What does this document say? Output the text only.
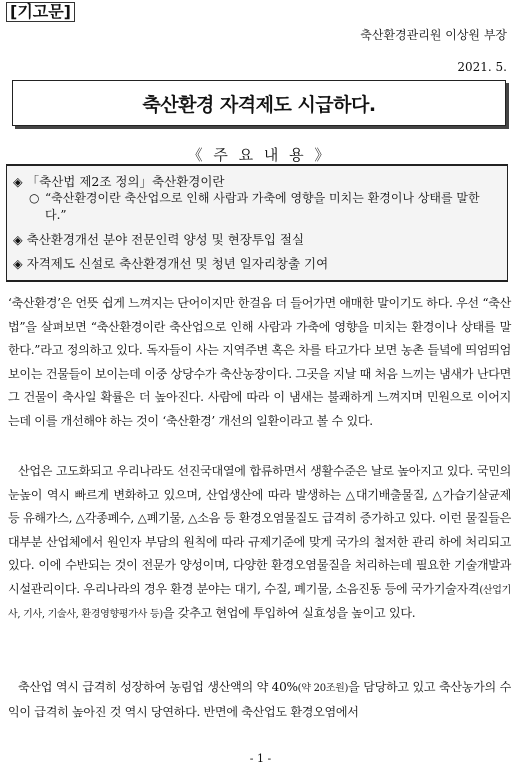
[기고문]
축산환경관리원 이상원 부장
2021. 5.
축산환경 자격제도 시급하다.
《 주 요 내 용 》
◈ 「축산법 제2조 정의」축산환경이란
○ “축산환경이란 축산업으로 인해 사람과 가축에 영향을 미치는 환경이나 상태를 말한다.”
◈ 축산환경개선 분야 전문인력 양성 및 현장투입 절실
◈ 자격제도 신설로 축산환경개선 및 청년 일자리창출 기여
‘축산환경’은 언뜻 쉽게 느껴지는 단어이지만 한걸음 더 들어가면 애매한 말이기도 하다. 우선 “축산법”을 살펴보면 “축산환경이란 축산업으로 인해 사람과 가축에 영향을 미치는 환경이나 상태를 말한다.”라고 정의하고 있다. 독자들이 사는 지역주변 혹은 차를 타고가다 보면 농촌 들녘에 띄엄띄엄 보이는 건물들이 보이는데 이중 상당수가 축산농장이다. 그곳을 지날 때 처음 느끼는 냄새가 난다면 그 건물이 축사일 확률은 더 높아진다. 사람에 따라 이 냄새는 불쾌하게 느껴지며 민원으로 이어지는데 이를 개선해야 하는 것이 ‘축산환경’ 개선의 일환이라고 볼 수 있다.
산업은 고도화되고 우리나라도 선진국대열에 합류하면서 생활수준은 날로 높아지고 있다. 국민의 눈높이 역시 빠르게 변화하고 있으며, 산업생산에 따라 발생하는 △대기배출물질, △가습기살균제 등 유해가스, △각종폐수, △폐기물, △소음 등 환경오염물질도 급격히 증가하고 있다. 이런 물질들은 대부분 산업체에서 원인자 부담의 원칙에 따라 규제기준에 맞게 국가의 철저한 관리 하에 처리되고 있다. 이에 수반되는 것이 전문가 양성이며, 다양한 환경오염물질을 처리하는데 필요한 기술개발과 시설관리이다. 우리나라의 경우 환경 분야는 대기, 수질, 폐기물, 소음진동 등에 국가기술자격(산업기사, 기사, 기술사, 환경영향평가사 등)을 갖추고 현업에 투입하여 실효성을 높이고 있다.
축산업 역시 급격히 성장하여 농림업 생산액의 약 40%(약 20조원)을 담당하고 있고 축산농가의 수익이 급격히 높아진 것 역시 당연하다. 반면에 축산업도 환경오염에서
- 1 -
